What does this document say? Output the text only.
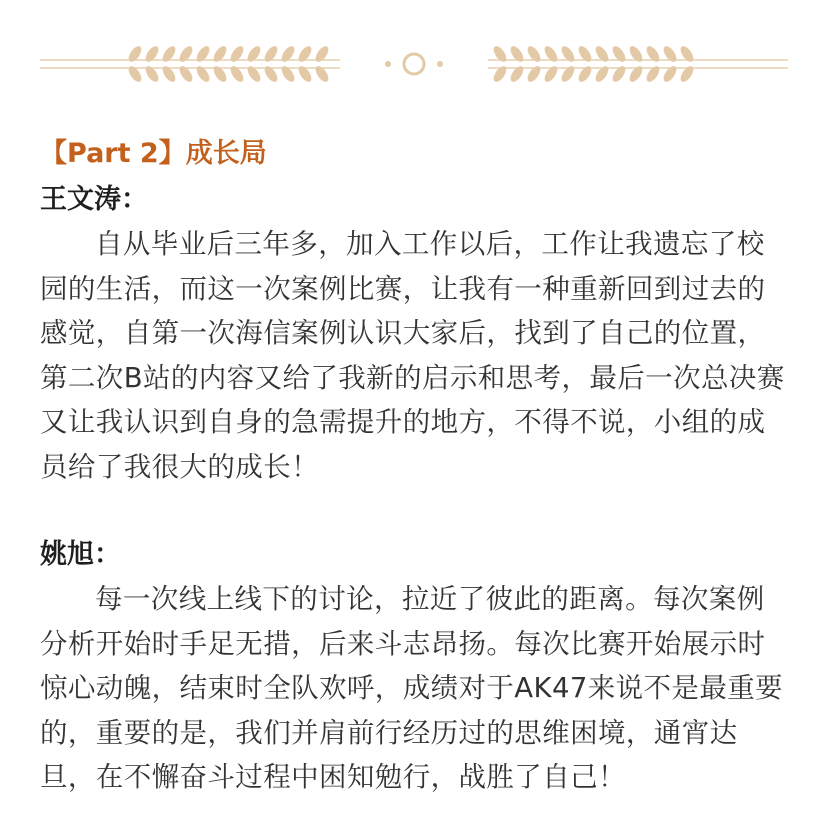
【Part 2】成长局

王文涛：

自从毕业后三年多，加入工作以后，工作让我遗忘了校园的生活，而这一次案例比赛，让我有一种重新回到过去的感觉，自第一次海信案例认识大家后，找到了自己的位置，第二次B站的内容又给了我新的启示和思考，最后一次总决赛又让我认识到自身的急需提升的地方，不得不说，小组的成员给了我很大的成长！

姚旭：

每一次线上线下的讨论，拉近了彼此的距离。每次案例分析开始时手足无措，后来斗志昂扬。每次比赛开始展示时惊心动魄，结束时全队欢呼，成绩对于AK47来说不是最重要的，重要的是，我们并肩前行经历过的思维困境，通宵达旦，在不懈奋斗过程中困知勉行，战胜了自己！
